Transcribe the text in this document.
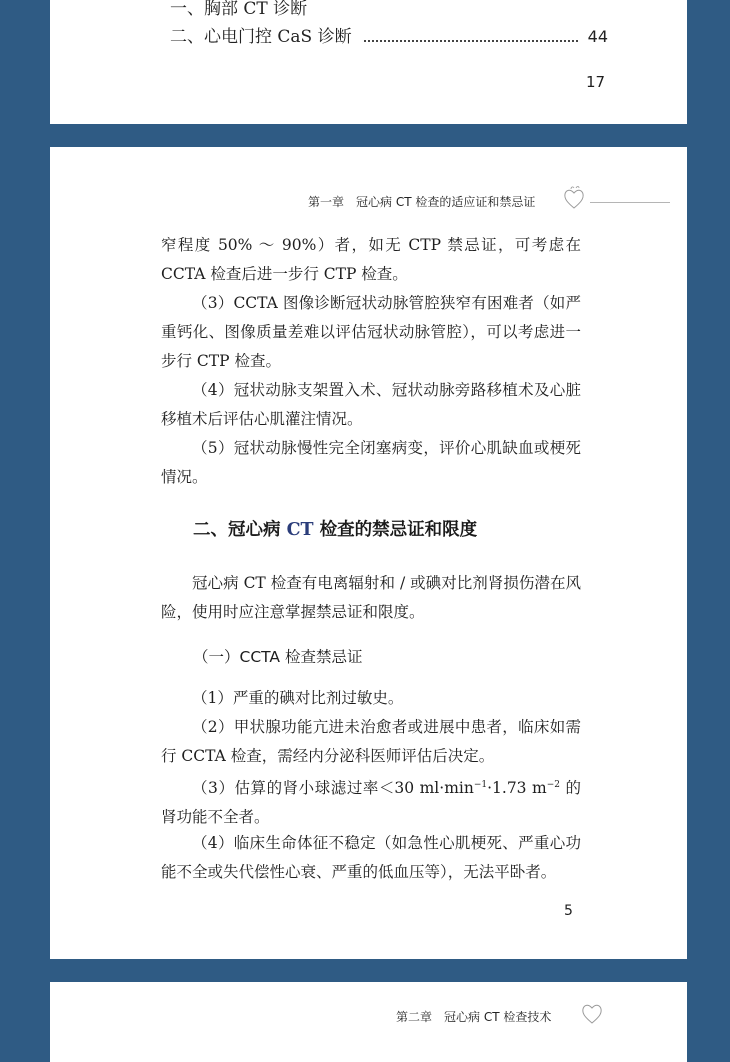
一、胸部 CT 诊断
二、心电门控 CaS 诊断	44
17
第一章 冠心病 CT 检查的适应证和禁忌证

窄程度 50% ～ 90%）者，如无 CTP 禁忌证，可考虑在 CCTA 检查后进一步行 CTP 检查。

（3）CCTA 图像诊断冠状动脉管腔狭窄有困难者（如严重钙化、图像质量差难以评估冠状动脉管腔），可以考虑进一步行 CTP 检查。

（4）冠状动脉支架置入术、冠状动脉旁路移植术及心脏移植术后评估心肌灌注情况。

（5）冠状动脉慢性完全闭塞病变，评价心肌缺血或梗死情况。

二、冠心病 CT 检查的禁忌证和限度

冠心病 CT 检查有电离辐射和 / 或碘对比剂肾损伤潜在风险，使用时应注意掌握禁忌证和限度。

（一）CCTA 检查禁忌证

（1）严重的碘对比剂过敏史。

（2）甲状腺功能亢进未治愈者或进展中患者，临床如需行 CCTA 检查，需经内分泌科医师评估后决定。

（3）估算的肾小球滤过率＜30 $ml\cdot\min^{-1}\cdot 1.73$ $m^{-2}$ 的肾功能不全者。

（4）临床生命体征不稳定（如急性心肌梗死、严重心功能不全或失代偿性心衰、严重的低血压等），无法平卧者。

5
第二章 冠心病 CT 检查技术
